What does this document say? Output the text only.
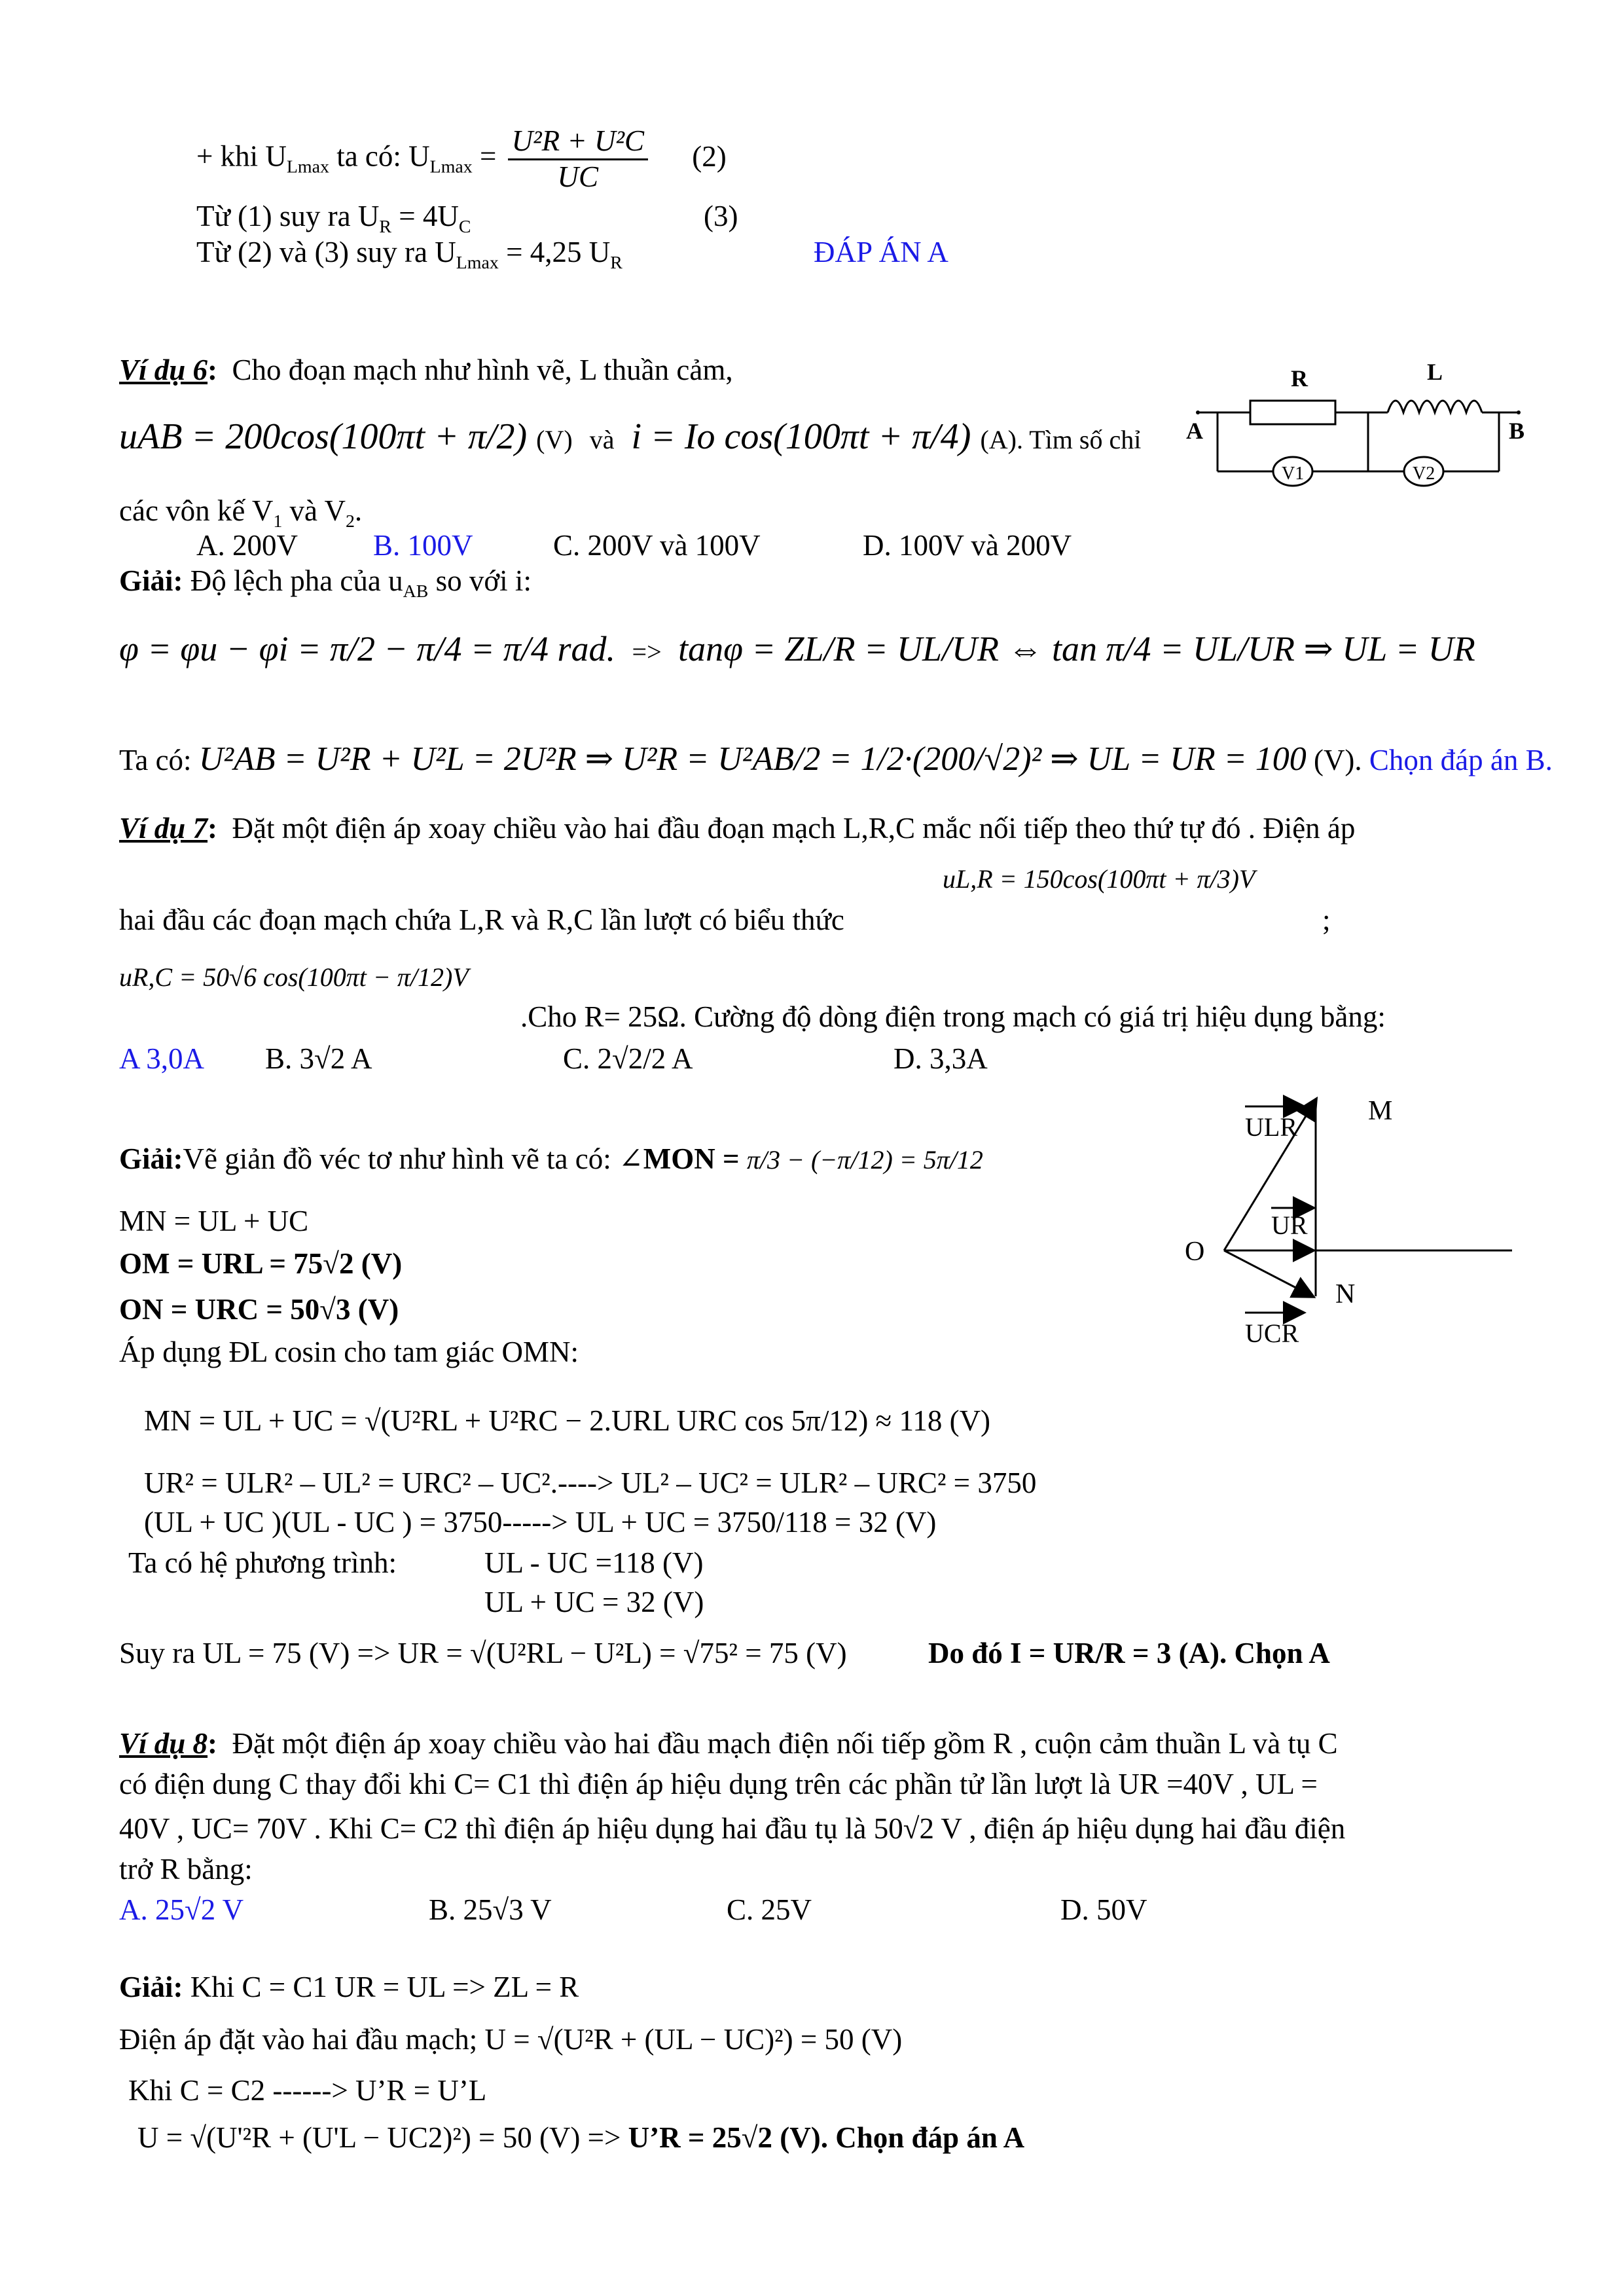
+ khi $U_{Lmax}$ ta có: $U_{Lmax} = \frac{\text{U²R + U²C}}{UC} (2)$
Từ (1) suy ra $U_R = 4U_C$	(3)
Từ (2) và (3) suy ra $U_{Lmax} = 4,25$ $U_R$	ĐÁP ÁN A
Ví dụ 6: Cho đoạn mạch như hình vẽ, L thuần cảm,
uAB = 200cos(100πt + π/2) (V) và i = Io cos(100πt + π/4) (A). Tìm số chỉ
các vôn kế $V_1$ và $V_2$.
A. 200V	B. 100V	C. 200V và 100V	D. 100V và 200V
Giải: Độ lệch pha của $u_{AB}$ so với i:
φ = φu − φi = π/2 − π/4 = π/4 rad. => tanφ = ZL/R = UL/UR ⇔ tan π/4 = UL/UR ⇒ UL = UR
Ta có: U²AB = U²R + U²L = 2U²R ⇒ U²R = U²AB/2 = 1/2·(200/√2)² ⇒ UL = UR = 100 (V). Chọn đáp án B.
R	L
A	B
V1	V2
Ví dụ 7: Đặt một điện áp xoay chiều vào hai đầu đoạn mạch L,R,C mắc nối tiếp theo thứ tự đó . Điện áp
uL,R = 150cos(100πt + π/3)V
hai đầu các đoạn mạch chứa L,R và R,C lần lượt có biểu thức	;
uR,C = 50√6 cos(100πt − π/12)V
.Cho R= 25Ω. Cường độ dòng điện trong mạch có giá trị hiệu dụng bằng:
A 3,0A B. 3√2 A	C. 2√2/2 A	D. 3,3A
Giải:Vẽ giản đồ véc tơ như hình vẽ ta có: ∠MON = π/3 − (−π/12) = 5π/12
MN = UL + UC
OM = URL = 75√2 (V)
ON = URC = 50√3 (V)
Áp dụng ĐL cosin cho tam giác OMN:
MN = UL + UC = √(U²RL + U²RC − 2.URL URC cos 5π/12) ≈ 118 (V)
UR² = ULR² – UL² = URC² – UC².----> UL² – UC² = ULR² – URC² = 3750
(UL + UC )(UL - UC ) = 3750-----> UL + UC = 3750/118 = 32 (V)
Ta có hệ phương trình:	UL - UC =118 (V)
UL + UC = 32 (V)
Suy ra UL = 75 (V) => UR = √(U²RL − U²L) = √75² = 75 (V)	Do đó I = UR/R = 3 (A). Chọn A
ULR
M
UR
O
N
UCR
Ví dụ 8: Đặt một điện áp xoay chiều vào hai đầu mạch điện nối tiếp gồm R , cuộn cảm thuần L và tụ C
có điện dung C thay đổi khi C= C1 thì điện áp hiệu dụng trên các phần tử lần lượt là UR =40V , UL =
40V , UC= 70V . Khi C= C2 thì điện áp hiệu dụng hai đầu tụ là 50√2 V , điện áp hiệu dụng hai đầu điện
trở R bằng:
A. 25√2 V	B. 25√3 V	C. 25V	D. 50V
Giải: Khi C = C1 UR = UL => ZL = R
Điện áp đặt vào hai đầu mạch; U = √(U²R + (UL − UC)²) = 50 (V)
Khi C = C2 ------> U’R = U’L
U = √(U'²R + (U'L − UC2)²) = 50 (V) => U’R = 25√2 (V). Chọn đáp án A
